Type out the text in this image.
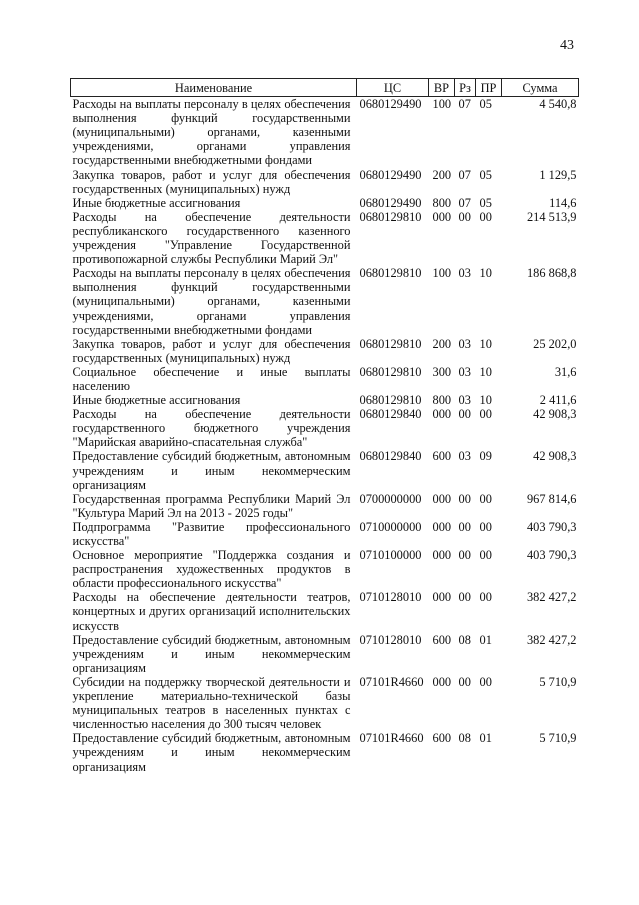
43
Наименование	ЦС	ВР	Рз	ПР	Сумма
Расходы на выплаты персоналу в целях обеспечения выполнения функций государственными (муниципальными) органами, казенными учреждениями, органами управления государственными внебюджетными фондами	0680129490	100	07	05	4 540,8
Закупка товаров, работ и услуг для обеспечения государственных (муниципальных) нужд	0680129490	200	07	05	1 129,5
Иные бюджетные ассигнования	0680129490	800	07	05	114,6
Расходы на обеспечение деятельности республиканского государственного казенного учреждения "Управление Государственной противопожарной службы Республики Марий Эл"	0680129810	000	00	00	214 513,9
Расходы на выплаты персоналу в целях обеспечения выполнения функций государственными (муниципальными) органами, казенными учреждениями, органами управления государственными внебюджетными фондами	0680129810	100	03	10	186 868,8
Закупка товаров, работ и услуг для обеспечения государственных (муниципальных) нужд	0680129810	200	03	10	25 202,0
Социальное обеспечение и иные выплаты населению	0680129810	300	03	10	31,6
Иные бюджетные ассигнования	0680129810	800	03	10	2 411,6
Расходы на обеспечение деятельности государственного бюджетного учреждения "Марийская аварийно-спасательная служба"	0680129840	000	00	00	42 908,3
Предоставление субсидий бюджетным, автономным учреждениям и иным некоммерческим организациям	0680129840	600	03	09	42 908,3
Государственная программа Республики Марий Эл "Культура Марий Эл на 2013 - 2025 годы"	0700000000	000	00	00	967 814,6
Подпрограмма "Развитие профессионального искусства"	0710000000	000	00	00	403 790,3
Основное мероприятие "Поддержка создания и распространения художественных продуктов в области профессионального искусства"	0710100000	000	00	00	403 790,3
Расходы на обеспечение деятельности театров, концертных и других организаций исполнительских искусств	0710128010	000	00	00	382 427,2
Предоставление субсидий бюджетным, автономным учреждениям и иным некоммерческим организациям	0710128010	600	08	01	382 427,2
Субсидии на поддержку творческой деятельности и укрепление материально-технической базы муниципальных театров в населенных пунктах с численностью населения до 300 тысяч человек	07101R4660	000	00	00	5 710,9
Предоставление субсидий бюджетным, автономным учреждениям и иным некоммерческим организациям	07101R4660	600	08	01	5 710,9
